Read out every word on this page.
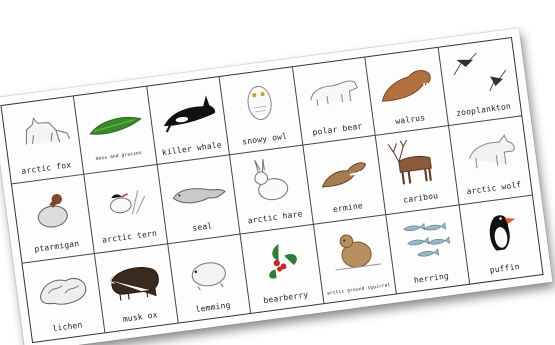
arctic fox
moss and grasses	killer whale
snowy owl
polar bear
walrus
zooplankton
ptarmigan
arctic tern
seal
arctic hare
ermine
caribou
arctic wolf
lichen
musk ox
lemming
bearberry	arctic ground squirrel
herring
puffin
